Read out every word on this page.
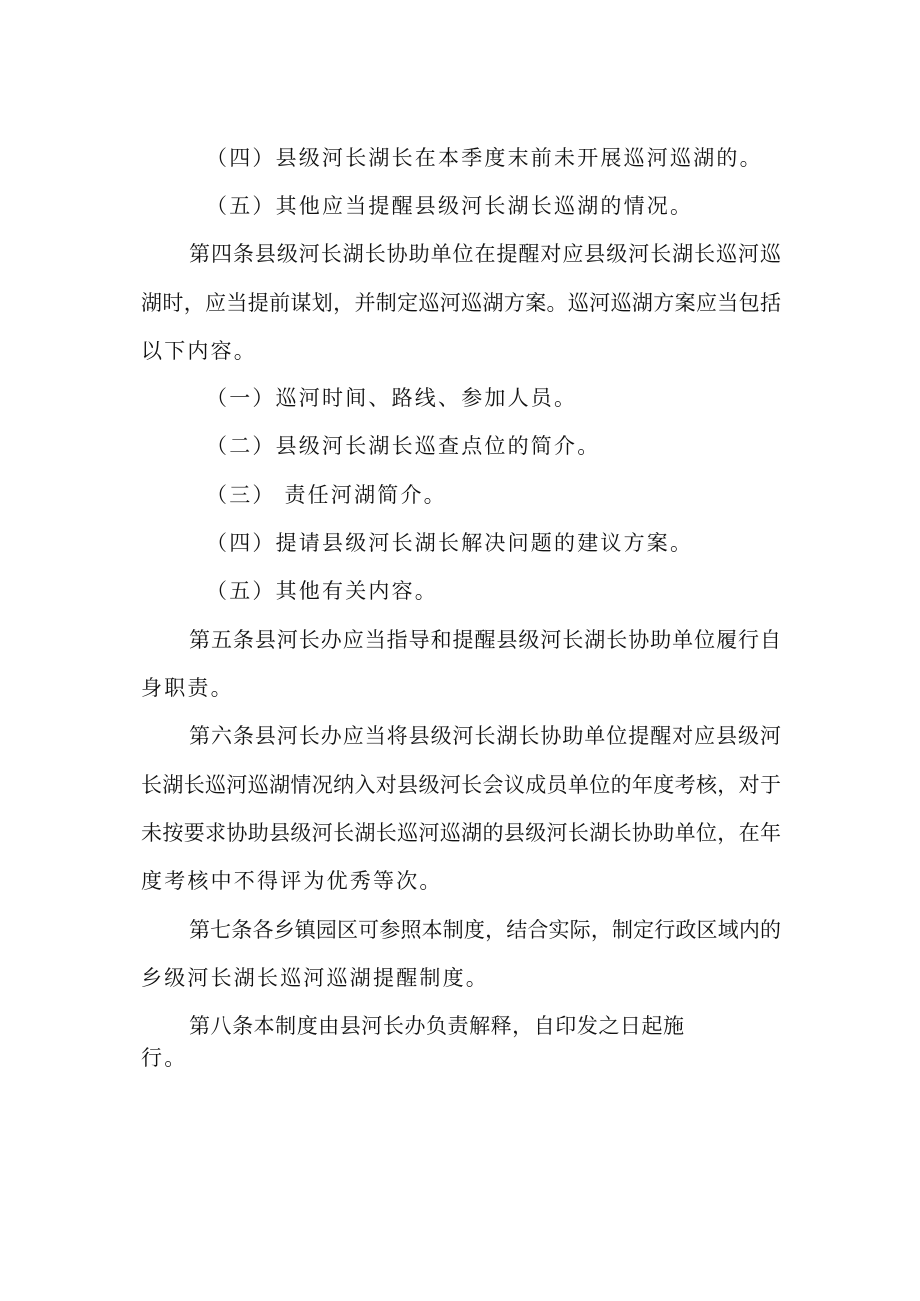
（四）县级河长湖长在本季度末前未开展巡河巡湖的。
（五）其他应当提醒县级河长湖长巡湖的情况。
第四条县级河长湖长协助单位在提醒对应县级河长湖长巡河巡
湖时，应当提前谋划，并制定巡河巡湖方案。巡河巡湖方案应当包括
以下内容。
（一）巡河时间、路线、参加人员。
（二）县级河长湖长巡查点位的简介。
（三） 责任河湖简介。
（四）提请县级河长湖长解决问题的建议方案。
（五）其他有关内容。
第五条县河长办应当指导和提醒县级河长湖长协助单位履行自
身职责。
第六条县河长办应当将县级河长湖长协助单位提醒对应县级河
长湖长巡河巡湖情况纳入对县级河长会议成员单位的年度考核，对于
未按要求协助县级河长湖长巡河巡湖的县级河长湖长协助单位，在年
度考核中不得评为优秀等次。
第七条各乡镇园区可参照本制度，结合实际，制定行政区域内的
乡级河长湖长巡河巡湖提醒制度。
第八条本制度由县河长办负责解释，自印发之日起施
行。
